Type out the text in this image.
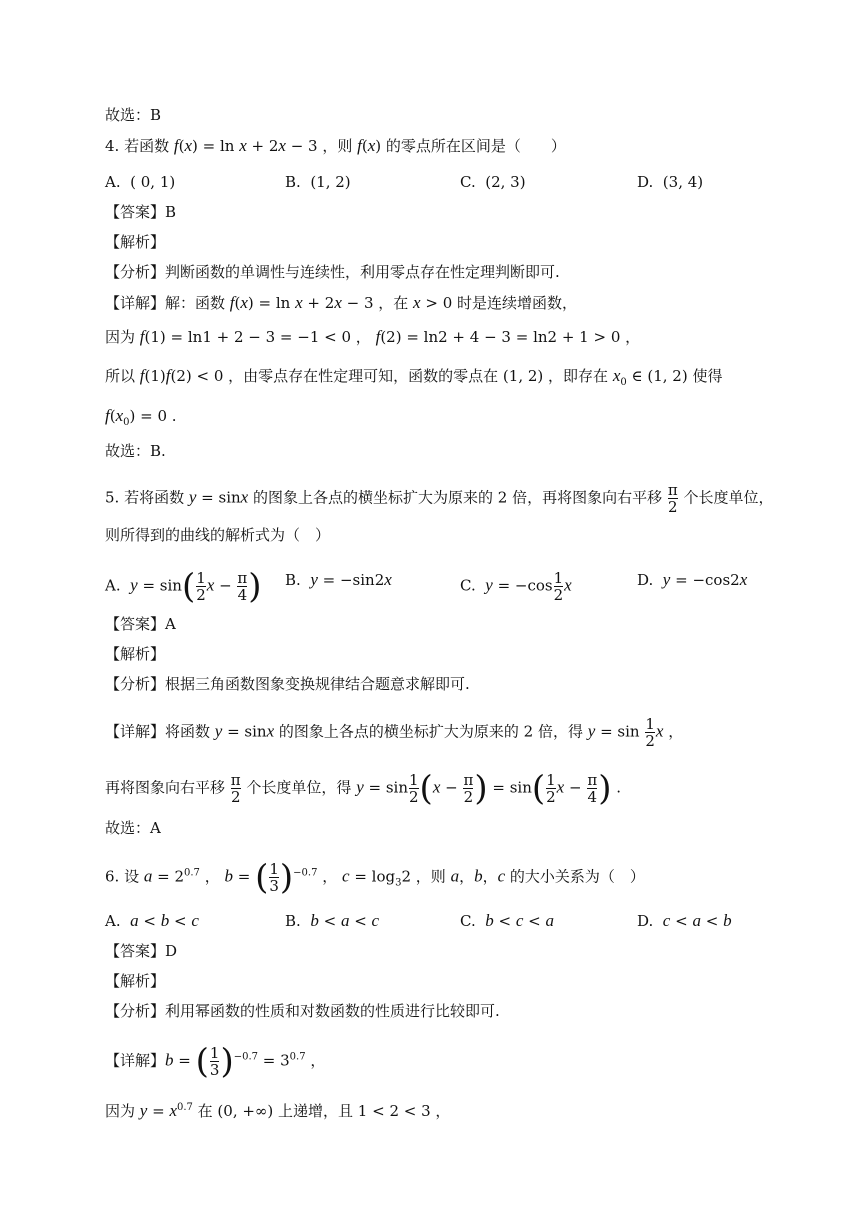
故选：B
4. 若函数 f(x) = ln x + 2x − 3 ，则 f(x) 的零点所在区间是（　　）
A.  ( 0, 1)	B.  (1, 2)	C.  (2, 3)	D.  (3, 4)
【答案】B
【解析】
【分析】判断函数的单调性与连续性，利用零点存在性定理判断即可.
【详解】解：函数 f(x) = ln x + 2x − 3 ，在 x > 0 时是连续增函数，
因为 f(1) = ln1 + 2 − 3 = −1 < 0 ， f(2) = ln2 + 4 − 3 = ln2 + 1 > 0 ，
所以 f(1)f(2) < 0 ，由零点存在性定理可知，函数的零点在 (1, 2) ，即存在 $x_0$ ∈ (1, 2) 使得
$f(x_0) = 0$ .
故选：B.
5. 若将函数 y = sinx 的图象上各点的横坐标扩大为原来的 2 倍，再将图象向右平移 $\frac{\pi}{2}$ 个长度单位，
则所得到的曲线的解析式为（　）
A.  $y = \sin( \frac{1}{2}$ $x - \frac{\pi}{4}$ ) B.  y = −sin2x	C.  $y = -\cos \frac{1}{2}$ x	D.  y = −cos2x
【答案】A
【解析】
【分析】根据三角函数图象变换规律结合题意求解即可.
【详解】将函数 y = sinx 的图象上各点的横坐标扩大为原来的 2 倍，得 $y = \sin \frac{1}{2}$ x ，
再将图象向右平移 $\frac{\pi}{2}$ 个长度单位，得 $y = \sin \frac{1}{2} (x - \frac{\pi}{2}$ ) = $\sin( \frac{1}{2}$ $x - \frac{\pi}{4}$ ) .
故选：A
6. 设 $a = 2^{0.7}$ ， b = ( $\frac{1}{3} )^{-0.7}$ ， $c = \log_32$ ，则 a，b，c 的大小关系为（　）
A.  a < b < c	B.  b < a < c	C.  b < c < a	D.  c < a < b
【答案】D
【解析】
【分析】利用幂函数的性质和对数函数的性质进行比较即可.
【详解】b = ( $\frac{1}{3} )^{-0.7} = 3^{0.7}$ ，
因为 $y = x^{0.7}$ 在 (0, +∞) 上递增，且 1 < 2 < 3 ，
